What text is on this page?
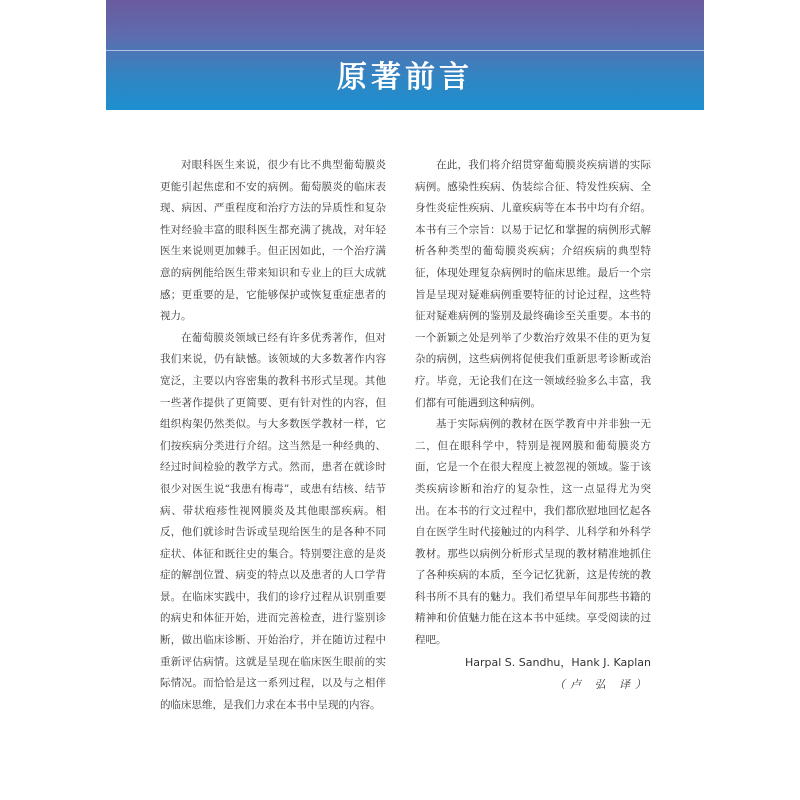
原著前言

对眼科医生来说，很少有比不典型葡萄膜炎更能引起焦虑和不安的病例。葡萄膜炎的临床表现、病因、严重程度和治疗方法的异质性和复杂性对经验丰富的眼科医生都充满了挑战，对年轻医生来说则更加棘手。但正因如此，一个治疗满意的病例能给医生带来知识和专业上的巨大成就感；更重要的是，它能够保护或恢复重症患者的视力。

在葡萄膜炎领域已经有许多优秀著作，但对我们来说，仍有缺憾。该领域的大多数著作内容宽泛，主要以内容密集的教科书形式呈现。其他一些著作提供了更简要、更有针对性的内容，但组织构架仍然类似。与大多数医学教材一样，它们按疾病分类进行介绍。这当然是一种经典的、经过时间检验的教学方式。然而，患者在就诊时很少对医生说“我患有梅毒”，或患有结核、结节病、带状疱疹性视网膜炎及其他眼部疾病。相反，他们就诊时告诉或呈现给医生的是各种不同症状、体征和既往史的集合。特别要注意的是炎症的解剖位置、病变的特点以及患者的人口学背景。在临床实践中，我们的诊疗过程从识别重要的病史和体征开始，进而完善检查，进行鉴别诊断，做出临床诊断、开始治疗，并在随访过程中重新评估病情。这就是呈现在临床医生眼前的实际情况。而恰恰是这一系列过程，以及与之相伴的临床思维，是我们力求在本书中呈现的内容。

在此，我们将介绍贯穿葡萄膜炎疾病谱的实际病例。感染性疾病、伪装综合征、特发性疾病、全身性炎症性疾病、儿童疾病等在本书中均有介绍。本书有三个宗旨：以易于记忆和掌握的病例形式解析各种类型的葡萄膜炎疾病；介绍疾病的典型特征，体现处理复杂病例时的临床思维。最后一个宗旨是呈现对疑难病例重要特征的讨论过程，这些特征对疑难病例的鉴别及最终确诊至关重要。本书的一个新颖之处是列举了少数治疗效果不佳的更为复杂的病例，这些病例将促使我们重新思考诊断或治疗。毕竟，无论我们在这一领域经验多么丰富，我们都有可能遇到这种病例。

基于实际病例的教材在医学教育中并非独一无二，但在眼科学中，特别是视网膜和葡萄膜炎方面，它是一个在很大程度上被忽视的领域。鉴于该类疾病诊断和治疗的复杂性，这一点显得尤为突出。在本书的行文过程中，我们都欣慰地回忆起各自在医学生时代接触过的内科学、儿科学和外科学教材。那些以病例分析形式呈现的教材精准地抓住了各种疾病的本质，至今记忆犹新，这是传统的教科书所不具有的魅力。我们希望早年间那些书籍的精神和价值魅力能在这本书中延续。享受阅读的过程吧。

Harpal S. Sandhu，Hank J. Kaplan
（卢 弘 译）
